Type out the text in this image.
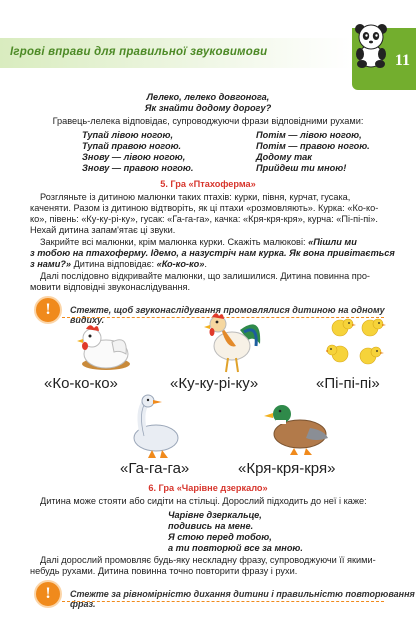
Ігрові вправи для правильної звуковимови	11
Лелеко, лелеко довгонога,
Як знайти додому дорогу?
Гравець-лелека відповідає, супроводжуючи фрази відповідними рухами:
Тупай лівою ногою,
Тупай правою ногою.
Знову — лівою ногою,
Знову — правою ногою.
Потім — лівою ногою,
Потім — правою ногою.
Додому так
Прийдеш ти мною!
5. Гра «Птахоферма»
Розгляньте із дитиною малюнки таких птахів: курки, півня, курчат, гусака,
каченяти. Разом із дитиною відтворіть, як ці птахи «розмовляють». Курка: «Ко-ко-
ко», півень: «Ку-ку-рі-ку», гусак: «Га-га-га», качка: «Кря-кря-кря», курча: «Пі-пі-пі».
Нехай дитина запам'ятає ці звуки.
Закрийте всі малюнки, крім малюнка курки. Скажіть малюкові: «Пішли ми
з тобою на птахоферму. Ідемо, а назустріч нам курка. Як вона привітається
з нами?» Дитина відповідає: «Ко-ко-ко».
Далі послідовно відкривайте малюнки, що залишилися. Дитина повинна про-
мовити відповідні звуконаслідування.
!	Стежте, щоб звуконаслідування промовлялися дитиною на одному видиху.
«Ко-ко-ко»	«Ку-ку-рі-ку»	«Пі-пі-пі»
«Га-га-га»	«Кря-кря-кря»
6. Гра «Чарівне дзеркало»
Дитина може стояти або сидіти на стільці. Дорослий підходить до неї і каже:
Чарівне дзеркальце,
подивись на мене.
Я стою перед тобою,
а ти повторюй все за мною.
Далі дорослий промовляє будь-яку нескладну фразу, супроводжуючи її якими-
небудь рухами. Дитина повинна точно повторити фразу і рухи.
!	Стежте за рівномірністю дихання дитини і правильністю повторювання фраз.
